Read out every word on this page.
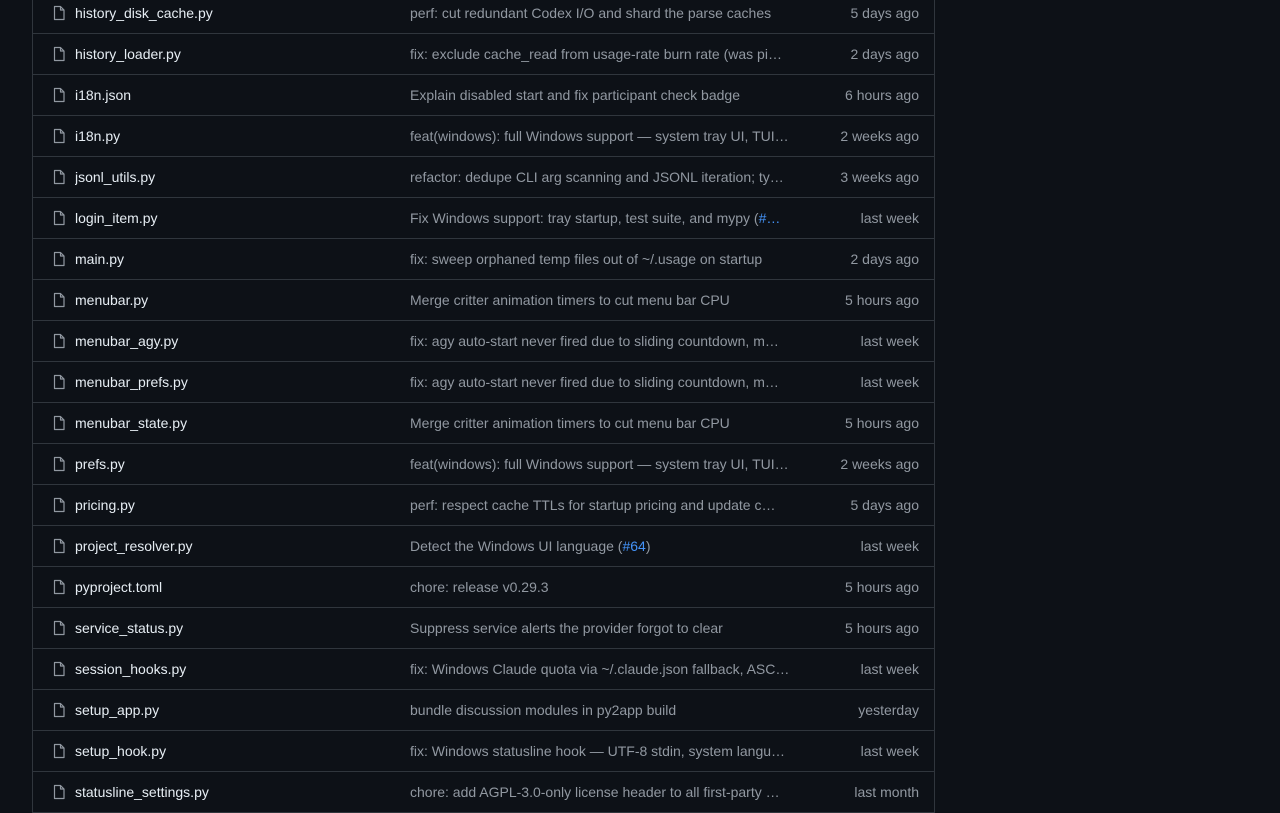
history_disk_cache.py	perf: cut redundant Codex I/O and shard the parse caches	5 days ago
history_loader.py	fix: exclude cache_read from usage-rate burn rate (was pi…	2 days ago
i18n.json	Explain disabled start and fix participant check badge	6 hours ago
i18n.py	feat(windows): full Windows support — system tray UI, TUI…	2 weeks ago
jsonl_utils.py	refactor: dedupe CLI arg scanning and JSONL iteration; ty…	3 weeks ago
login_item.py	Fix Windows support: tray startup, test suite, and mypy (#…	last week
main.py	fix: sweep orphaned temp files out of ~/.usage on startup	2 days ago
menubar.py	Merge critter animation timers to cut menu bar CPU	5 hours ago
menubar_agy.py	fix: agy auto-start never fired due to sliding countdown, m…	last week
menubar_prefs.py	fix: agy auto-start never fired due to sliding countdown, m…	last week
menubar_state.py	Merge critter animation timers to cut menu bar CPU	5 hours ago
prefs.py	feat(windows): full Windows support — system tray UI, TUI…	2 weeks ago
pricing.py	perf: respect cache TTLs for startup pricing and update c…	5 days ago
project_resolver.py	Detect the Windows UI language (#64)	last week
pyproject.toml	chore: release v0.29.3	5 hours ago
service_status.py	Suppress service alerts the provider forgot to clear	5 hours ago
session_hooks.py	fix: Windows Claude quota via ~/.claude.json fallback, ASC…	last week
setup_app.py	bundle discussion modules in py2app build	yesterday
setup_hook.py	fix: Windows statusline hook — UTF-8 stdin, system langu…	last week
statusline_settings.py	chore: add AGPL-3.0-only license header to all first-party …	last month
